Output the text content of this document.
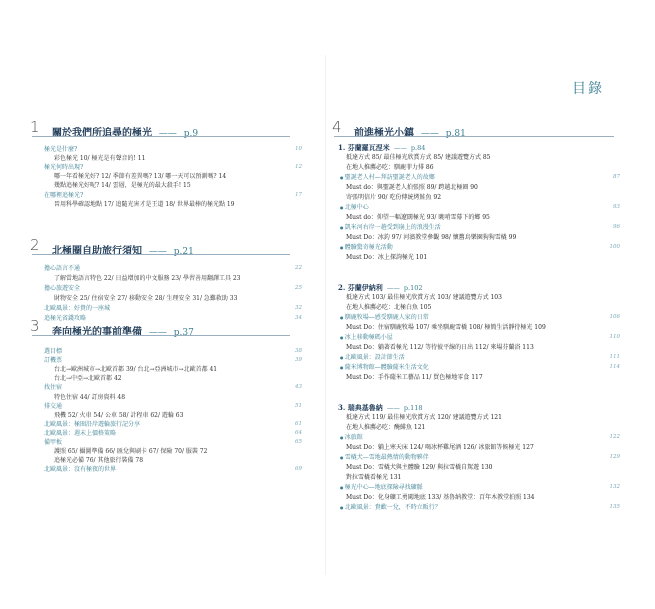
目錄
1 關於我們所追尋的極光 —— p.9
極光是什麼?	10
彩色極光 10/ 極光是有聲音的! 11
極光何時出現?	12
哪一年看極光好? 12/ 季節有差異嗎? 13/ 哪一天可以預測嗎? 14
幾點追極光好呢? 14/ 雲層，是極光的最大殺手! 15
在哪裡追極光?	17
晉用科學確認地點 17/ 追隨光害才是王道 18/ 世界最棒的極光點 19
2 北極圈自助旅行須知 —— p.21
擔心語言不通	22
了解當地語言特色 22/ 日益增加的中文服務 23/ 學習善用翻譯工具 23
擔心旅遊安全	25
財物安全 25/ 住宿安全 27/ 移動安全 28/ 生理安全 31/ 急難救助 33
北歐風景：好貴的一座城	32
追極光省錢攻略	34
3 奔向極光的事前準備 —— p.37
選目標	38
訂機票	39
台北→歐洲城市→北歐首都 39/ 台北→亞洲城市→北歐首都 41
台北→中亞→北歐首都 42
找住宿	43
特色住宿 44/ 訂房資料 48
排交通	51
飛機 52/ 火車 54/ 公車 58/ 計程車 62/ 遊輪 63
北歐風景：極圈沿岸遊輪旅行記分享	61
北歐風景：週末上價格策略	64
備甲板	65
護照 65/ 攝圖準備 66/ 匯兌與刷卡 67/ 保險 70/ 服裝 72
追極光必備 76/ 其他旅行裝備 78
北歐風景：沒有極夜的世界	69
4 前進極光小鎮 —— p.81
1. 芬蘭羅瓦涅米 —— p.84
抵達方式 85/ 最佳極光欣賞方式 85/ 建議遊覽方式 85
在地人推薦必吃：馴鹿菲力排 86
● 聖誕老人村—拜訪聖誕老人的故鄉	87
Must do：與聖誕老人拍張照 89/ 跨越北極圈 90
寄張明信片 90/ 吃份傳統烤鮭魚 92
● 北極中心	93
Must do：仰望一幅遼闊極光 93/ 眺哨雪幕下的鄉 95
● 凱米河右岸一趟受到崩上的浪漫生活	96
Must Do：冰釣 97/ 河濱教堂參觀 98/ 懷舊烏樂園狗狗雪橇 99
● 體驗驚奇極光活動	100
Must Do：冰上探詢極光 101
2. 芬蘭伊納利 —— p.102
抵達方式 103/ 最佳極光欣賞方式 103/ 建議遊覽方式 103
在地人推薦必吃：北極白魚 105
● 馴鹿牧場—感受馴鹿人家的日常	106
Must Do：住宿馴鹿牧場 107/ 乘坐馴鹿雪橇 108/ 極簡生活靜待極光 109
● 冰上移動極碼小屋	110
Must Do：躺著看極光 112/ 等待彼平線的日出 112/ 來場芬蘭浴 113
● 北歐風景：設計節生活	111
● 薩米博物館—體驗薩米生活文化	114
Must Do：手作薩米工藝品 11/ 買色極地零食 117
3. 瑞典基魯納 —— p.118
抵達方式 119/ 最佳極光欣賞方式 120/ 建議遊覽方式 121
在地人推薦必吃：醃鯡魚 121
● 冰旅館	122
Must Do：躺上寒天床 124/ 喝冰杯雞尾酒 126/ 冰旅館等候極光 127
● 雪橇犬—雪地最熱情的動物夥伴	129
Must Do：雪橇犬與主體驗 129/ 與拉雪橇自駕遊 130
對拉雪橇看極光 131
● 極光中心—地底探險尋找礦脈	132
Must Do：化身礦工勇闖地底 133/ 基魯納教堂：百年木教堂拍照 134
● 北歐風景：貴歡一兌，不時立販行？	135
